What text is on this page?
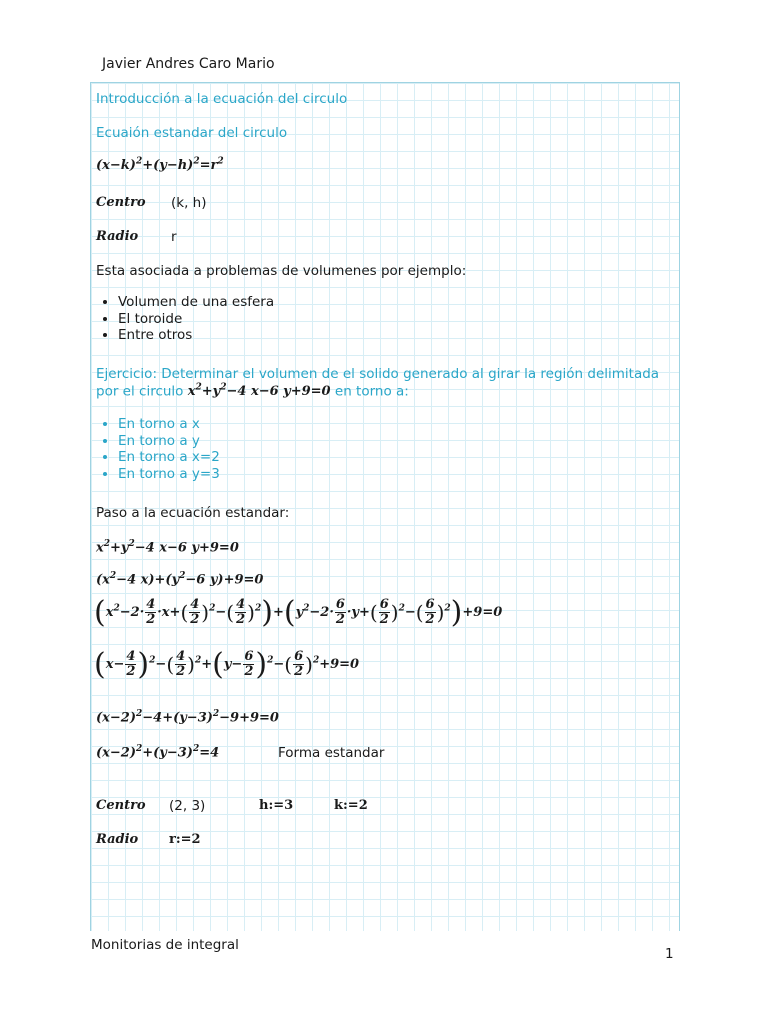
Javier Andres Caro Mario
Introducción a la ecuación del circulo
Ecuaión estandar del circulo
$(x-k)^2+(y-h)^2=r^2$
Centro (k, h)
Radio r
Esta asociada a problemas de volumenes por ejemplo:
• Volumen de una esfera
• El toroide
• Entre otros
Ejercicio: Determinar el volumen de el solido generado al girar la región delimitada
por el circulo $x^2+y^2-4$ x−6 y+9=0 en torno a:
• En torno a x
• En torno a y
• En torno a x=2
• En torno a y=3
Paso a la ecuación estandar:
$x^2+y^2-4$ x−6 y+9=0
($x^2-4$ $x)+(y^2-6$ y)+9=0
$(x^2-2\cdot \frac{4}{2} \cdot x+( \frac{4}{2} )^2-( \frac{4}{2} )^2)+(y^2-2\cdot \frac{6}{2} \cdot y+( \frac{6}{2} )^2-( \frac{6}{2} )^2)+9=0$
$(x- \frac{4}{2} )^2-( \frac{4}{2} )^2+(y- \frac{6}{2} )^2-( \frac{6}{2} )^2+9=0$
$(x-2)^2-4+(y-3)^2-9+9=0$
$(x-2)^2+(y-3)^2=4$	Forma estandar
Centro (2, 3)	h:=3	k:=2
Radio r:=2
Monitorias de integral
1
